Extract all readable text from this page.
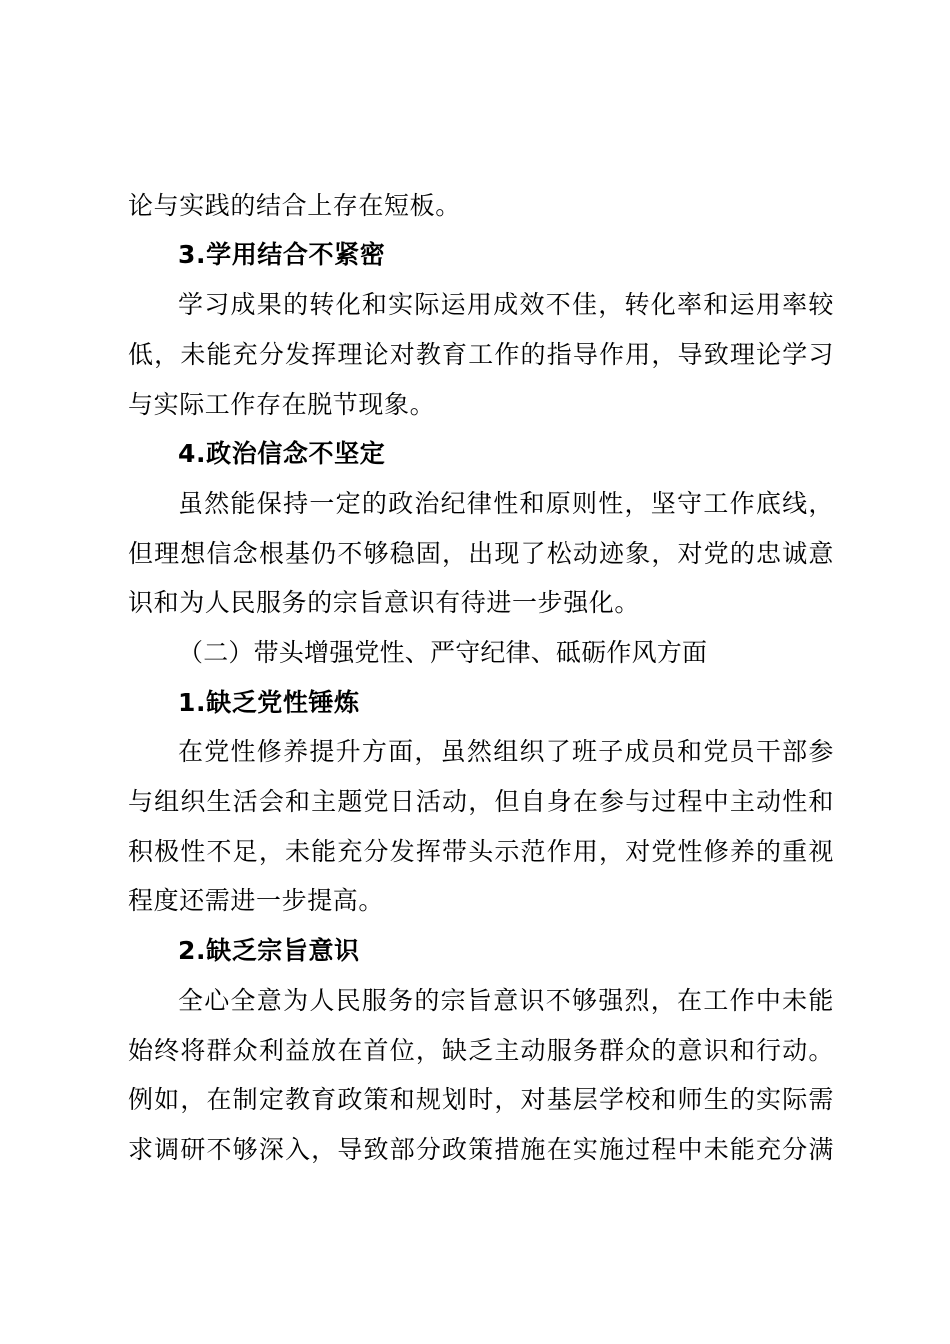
论与实践的结合上存在短板。
3.学用结合不紧密
学习成果的转化和实际运用成效不佳，转化率和运用率较
低，未能充分发挥理论对教育工作的指导作用，导致理论学习
与实际工作存在脱节现象。
4.政治信念不坚定
虽然能保持一定的政治纪律性和原则性，坚守工作底线，
但理想信念根基仍不够稳固，出现了松动迹象，对党的忠诚意
识和为人民服务的宗旨意识有待进一步强化。
（二）带头增强党性、严守纪律、砥砺作风方面
1.缺乏党性锤炼
在党性修养提升方面，虽然组织了班子成员和党员干部参
与组织生活会和主题党日活动，但自身在参与过程中主动性和
积极性不足，未能充分发挥带头示范作用，对党性修养的重视
程度还需进一步提高。
2.缺乏宗旨意识
全心全意为人民服务的宗旨意识不够强烈，在工作中未能
始终将群众利益放在首位，缺乏主动服务群众的意识和行动。
例如，在制定教育政策和规划时，对基层学校和师生的实际需
求调研不够深入，导致部分政策措施在实施过程中未能充分满
